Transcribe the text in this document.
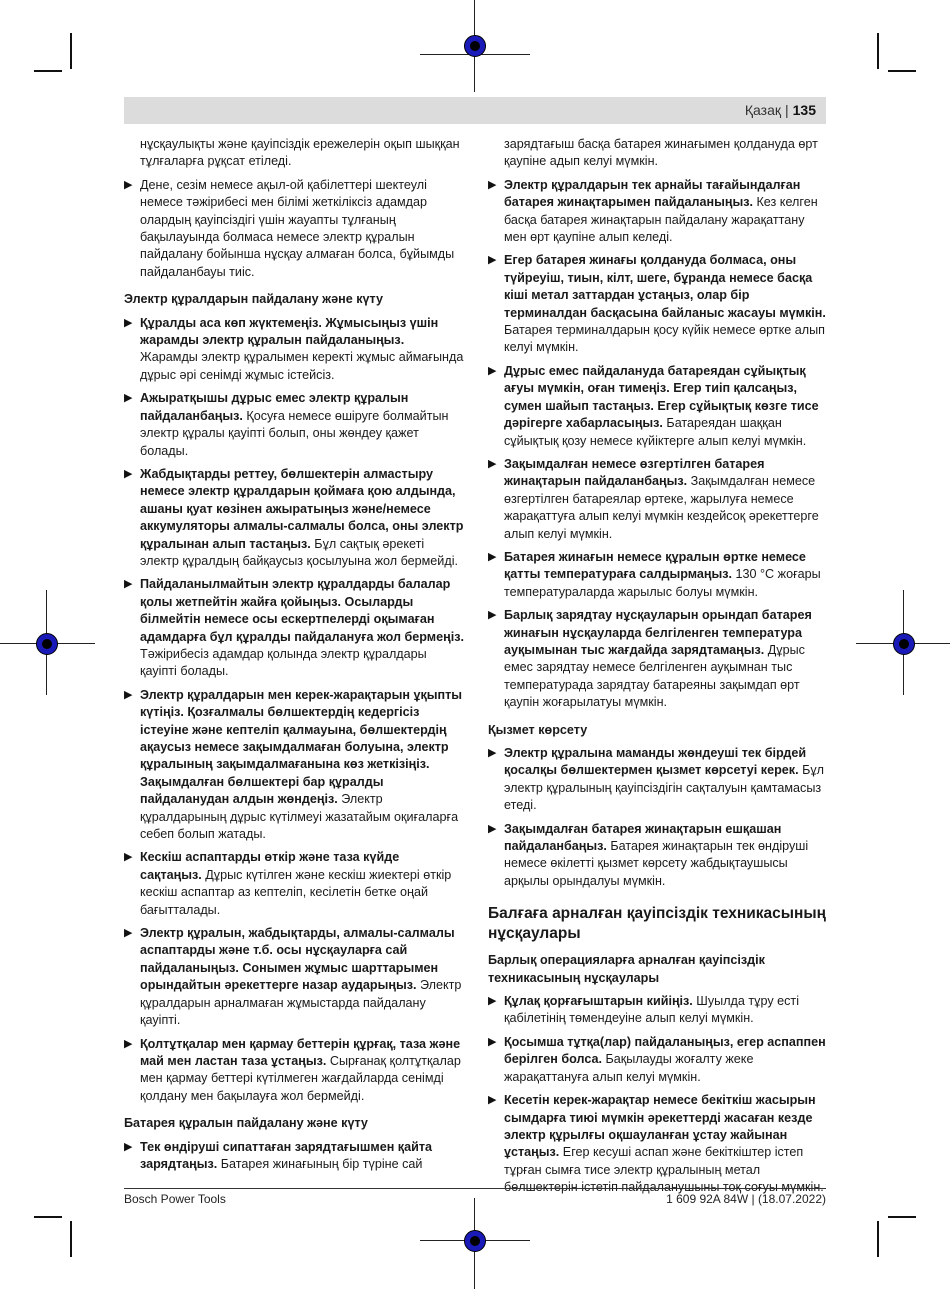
Қазақ | 135

нұсқаулықты және қауіпсіздік ережелерін оқып шыққан тұлғаларға рұқсат етіледі.

▶ Дене, сезім немесе ақыл-ой қабілеттері шектеулі немесе тәжірибесі мен білімі жеткіліксіз адамдар олардың қауіпсіздігі үшін жауапты тұлғаның бақылауында болмаса немесе электр құралын пайдалану бойынша нұсқау алмаған болса, бұйымды пайдаланбауы тиіс.
Электр құралдарын пайдалану және күту
▶ Құралды аса көп жүктемеңіз. Жұмысыңыз үшін жарамды электр құралын пайдаланыңыз. Жарамды электр құралымен керекті жұмыс аймағында дұрыс әрі сенімді жұмыс істейсіз.
▶ Ажыратқышы дұрыс емес электр құралын пайдаланбаңыз. Қосуға немесе өшіруге болмайтын электр құралы қауіпті болып, оны жөндеу қажет болады.
▶ Жабдықтарды реттеу, бөлшектерін алмастыру немесе электр құралдарын қоймаға қою алдында, ашаны қуат көзінен ажыратыңыз және/немесе аккумуляторы алмалы-салмалы болса, оны электр құралынан алып тастаңыз. Бұл сақтық әрекеті электр құралдың байқаусыз қосылуына жол бермейді.
▶ Пайдаланылмайтын электр құралдарды балалар қолы жетпейтін жайға қойыңыз. Осыларды білмейтін немесе осы ескертпелерді оқымаған адамдарға бұл құралды пайдалануға жол бермеңіз. Тәжірибесіз адамдар қолында электр құралдары қауіпті болады.
▶ Электр құралдарын мен керек-жарақтарын ұқыпты күтіңіз. Қозғалмалы бөлшектердің кедергісіз істеуіне және кептеліп қалмауына, бөлшектердің ақаусыз немесе зақымдалмаған болуына, электр құралының зақымдалмағанына көз жеткізіңіз. Зақымдалған бөлшектері бар құралды пайдаланудан алдын жөндеңіз. Электр құралдарының дұрыс күтілмеуі жазатайым оқиғаларға себеп болып жатады.
▶ Кескіш аспаптарды өткір және таза күйде сақтаңыз. Дұрыс күтілген және кескіш жиектері өткір кескіш аспаптар аз кептеліп, кесілетін бетке оңай бағытталады.
▶ Электр құралын, жабдықтарды, алмалы-салмалы аспаптарды және т.б. осы нұсқауларға сай пайдаланыңыз. Сонымен жұмыс шарттарымен орындайтын әрекеттерге назар аударыңыз. Электр құралдарын арналмаған жұмыстарда пайдалану қауіпті.
▶ Қолтұтқалар мен қармау беттерін құрғақ, таза және май мен ластан таза ұстаңыз. Сырғанақ қолтұтқалар мен қармау беттері күтілмеген жағдайларда сенімді қолдану мен бақылауға жол бермейді.
Батарея құралын пайдалану және күту
▶ Тек өндіруші сипаттаған зарядтағышмен қайта зарядтаңыз. Батарея жинағының бір түріне сай

зарядтағыш басқа батарея жинағымен қолдануда өрт қаупіне адып келуі мүмкін.

▶ Электр құралдарын тек арнайы тағайындалған батарея жинақтарымен пайдаланыңыз. Кез келген басқа батарея жинақтарын пайдалану жарақаттану мен өрт қаупіне алып келеді.
▶ Егер батарея жинағы қолдануда болмаса, оны түйреуіш, тиын, кілт, шеге, бұранда немесе басқа кіші метал заттардан ұстаңыз, олар бір терминалдан басқасына байланыс жасауы мүмкін. Батарея терминалдарын қосу күйік немесе өртке алып келуі мүмкін.
▶ Дұрыс емес пайдалануда батареядан сұйықтық ағуы мүмкін, оған тимеңіз. Егер тиіп қалсаңыз, сумен шайып тастаңыз. Егер сұйықтық көзге тисе дәрігерге хабарласыңыз. Батареядан шаққан сұйықтық қозу немесе күйіктерге алып келуі мүмкін.
▶ Зақымдалған немесе өзгертілген батарея жинақтарын пайдаланбаңыз. Зақымдалған немесе өзгертілген батареялар өртеке, жарылуға немесе жарақаттуға алып келуі мүмкін кездейсоқ әрекеттерге алып келуі мүмкін.
▶ Батарея жинағын немесе құралын өртке немесе қатты температураға салдырмаңыз. 130 °C жоғары температураларда жарылыс болуы мүмкін.
▶ Барлық зарядтау нұсқауларын орындап батарея жинағын нұсқауларда белгіленген температура ауқымынан тыс жағдайда зарядтамаңыз. Дұрыс емес зарядтау немесе белгіленген ауқымнан тыс температурада зарядтау батареяны зақымдап өрт қаупін жоғарылатуы мүмкін.
Қызмет көрсету
▶ Электр құралына маманды жөндеуші тек бірдей қосалқы бөлшектермен қызмет көрсетуі керек. Бұл электр құралының қауіпсіздігін сақталуын қамтамасыз етеді.
▶ Зақымдалған батарея жинақтарын ешқашан пайдаланбаңыз. Батарея жинақтарын тек өндіруші немесе өкілетті қызмет көрсету жабдықтаушысы арқылы орындалуы мүмкін.
Балғаға арналған қауіпсіздік техникасының нұсқаулары
Барлық операцияларға арналған қауіпсіздік техникасының нұсқаулары
▶ Құлақ қорғағыштарын кийіңіз. Шуылда тұру есті қабілетінің төмендеуіне алып келуі мүмкін.
▶ Қосымша тұтқа(лар) пайдаланыңыз, егер аспаппен берілген болса. Бақылауды жоғалту жеке жарақаттануға алып келуі мүмкін.
▶ Кесетін керек-жарақтар немесе бекіткіш жасырын сымдарға тиюі мүмкін әрекеттерді жасаған кезде электр құрылғы оқшауланған ұстау жайынан ұстаңыз. Егер кесуші аспап және бекіткіштер істеп тұрған сымға тисе электр құралының метал
Bosch Power Tools	1 609 92A 84W | (18.07.2022)
